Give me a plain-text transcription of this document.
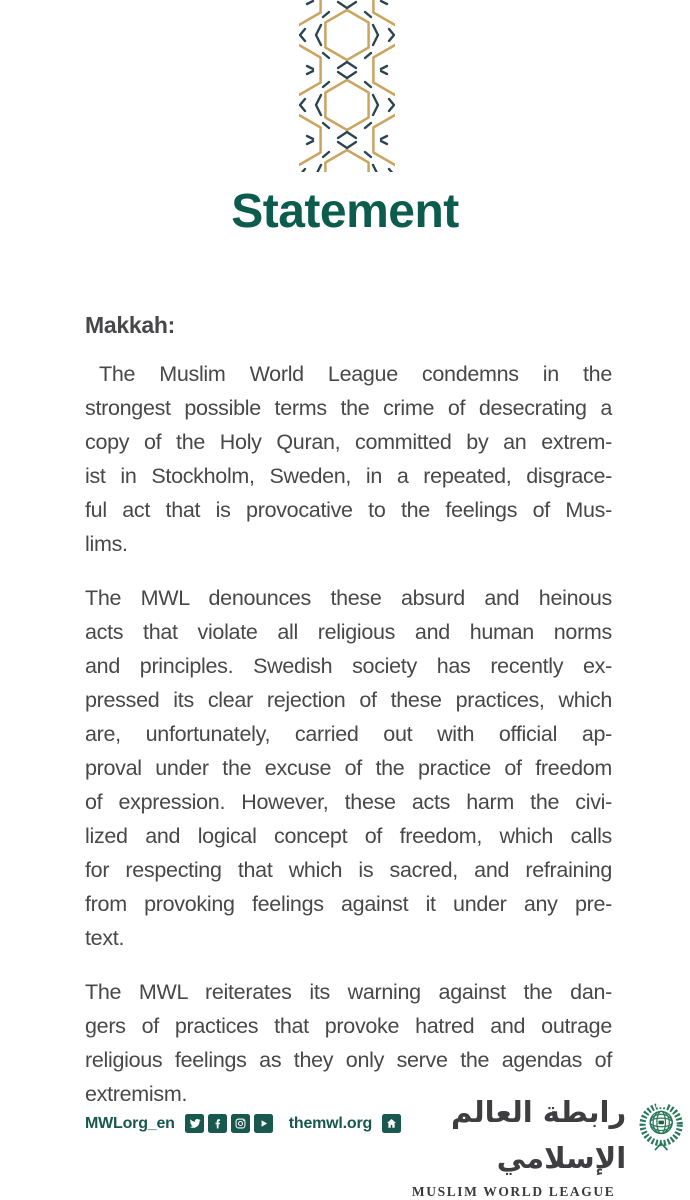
Statement
Makkah:
The Muslim World League condemns in the
strongest possible terms the crime of desecrating a
copy of the Holy Quran, committed by an extrem-
ist in Stockholm, Sweden, in a repeated, disgrace-
ful act that is provocative to the feelings of Mus-
lims.
The MWL denounces these absurd and heinous
acts that violate all religious and human norms
and principles. Swedish society has recently ex-
pressed its clear rejection of these practices, which
are, unfortunately, carried out with official ap-
proval under the excuse of the practice of freedom
of expression. However, these acts harm the civi-
lized and logical concept of freedom, which calls
for respecting that which is sacred, and refraining
from provoking feelings against it under any pre-
text.
The MWL reiterates its warning against the dan-
gers of practices that provoke hatred and outrage
religious feelings as they only serve the agendas of
extremism.
MWLorg_en	themwl.org	رابطة العالم الإسلامي
MUSLIM WORLD LEAGUE
